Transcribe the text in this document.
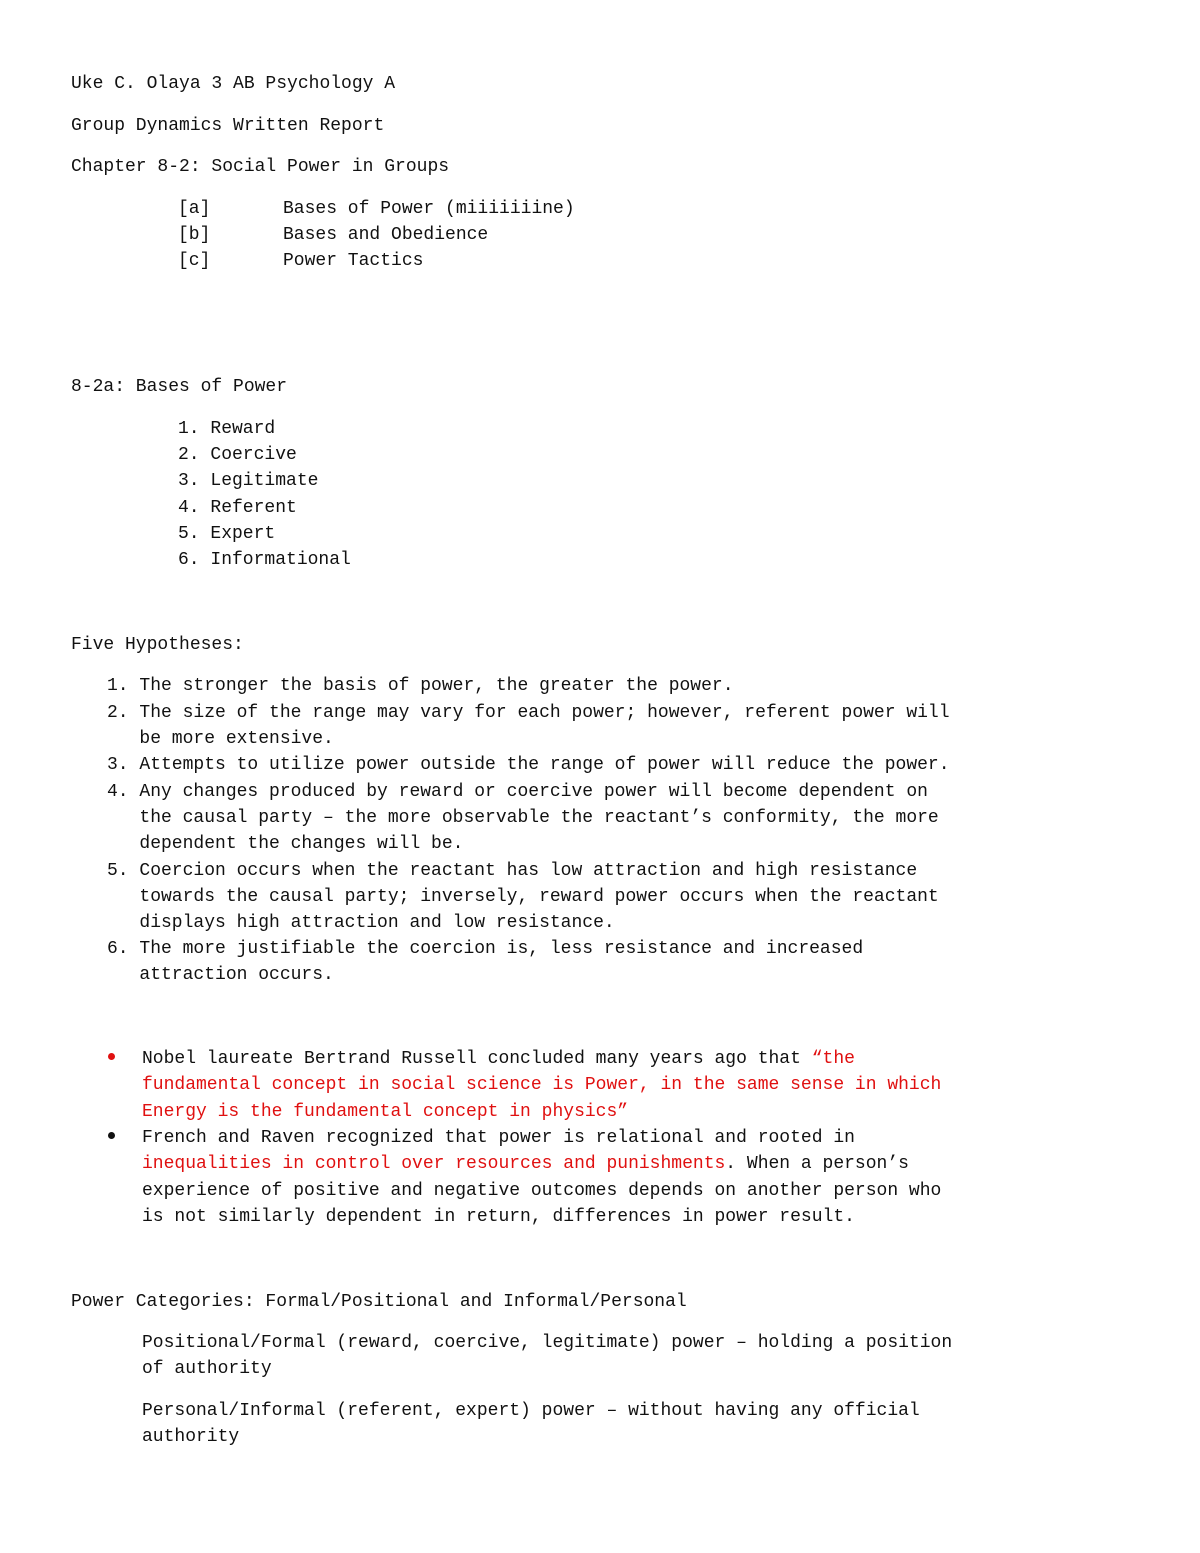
Uke C. Olaya 3 AB Psychology A
Group Dynamics Written Report
Chapter 8-2: Social Power in Groups
[a]	Bases of Power (miiiiiiine)
[b]	Bases and Obedience
[c]	Power Tactics
8-2a: Bases of Power
1. Reward
2. Coercive
3. Legitimate
4. Referent
5. Expert
6. Informational
Five Hypotheses:
1. The stronger the basis of power, the greater the power.
2. The size of the range may vary for each power; however, referent power will
be more extensive.
3. Attempts to utilize power outside the range of power will reduce the power.
4. Any changes produced by reward or coercive power will become dependent on
the causal party – the more observable the reactant’s conformity, the more
dependent the changes will be.
5. Coercion occurs when the reactant has low attraction and high resistance
towards the causal party; inversely, reward power occurs when the reactant
displays high attraction and low resistance.
6. The more justifiable the coercion is, less resistance and increased
attraction occurs.
Nobel laureate Bertrand Russell concluded many years ago that “the
fundamental concept in social science is Power, in the same sense in which
Energy is the fundamental concept in physics”
French and Raven recognized that power is relational and rooted in
inequalities in control over resources and punishments. When a person’s
experience of positive and negative outcomes depends on another person who
is not similarly dependent in return, differences in power result.
Power Categories: Formal/Positional and Informal/Personal
Positional/Formal (reward, coercive, legitimate) power – holding a position
of authority
Personal/Informal (referent, expert) power – without having any official
authority
